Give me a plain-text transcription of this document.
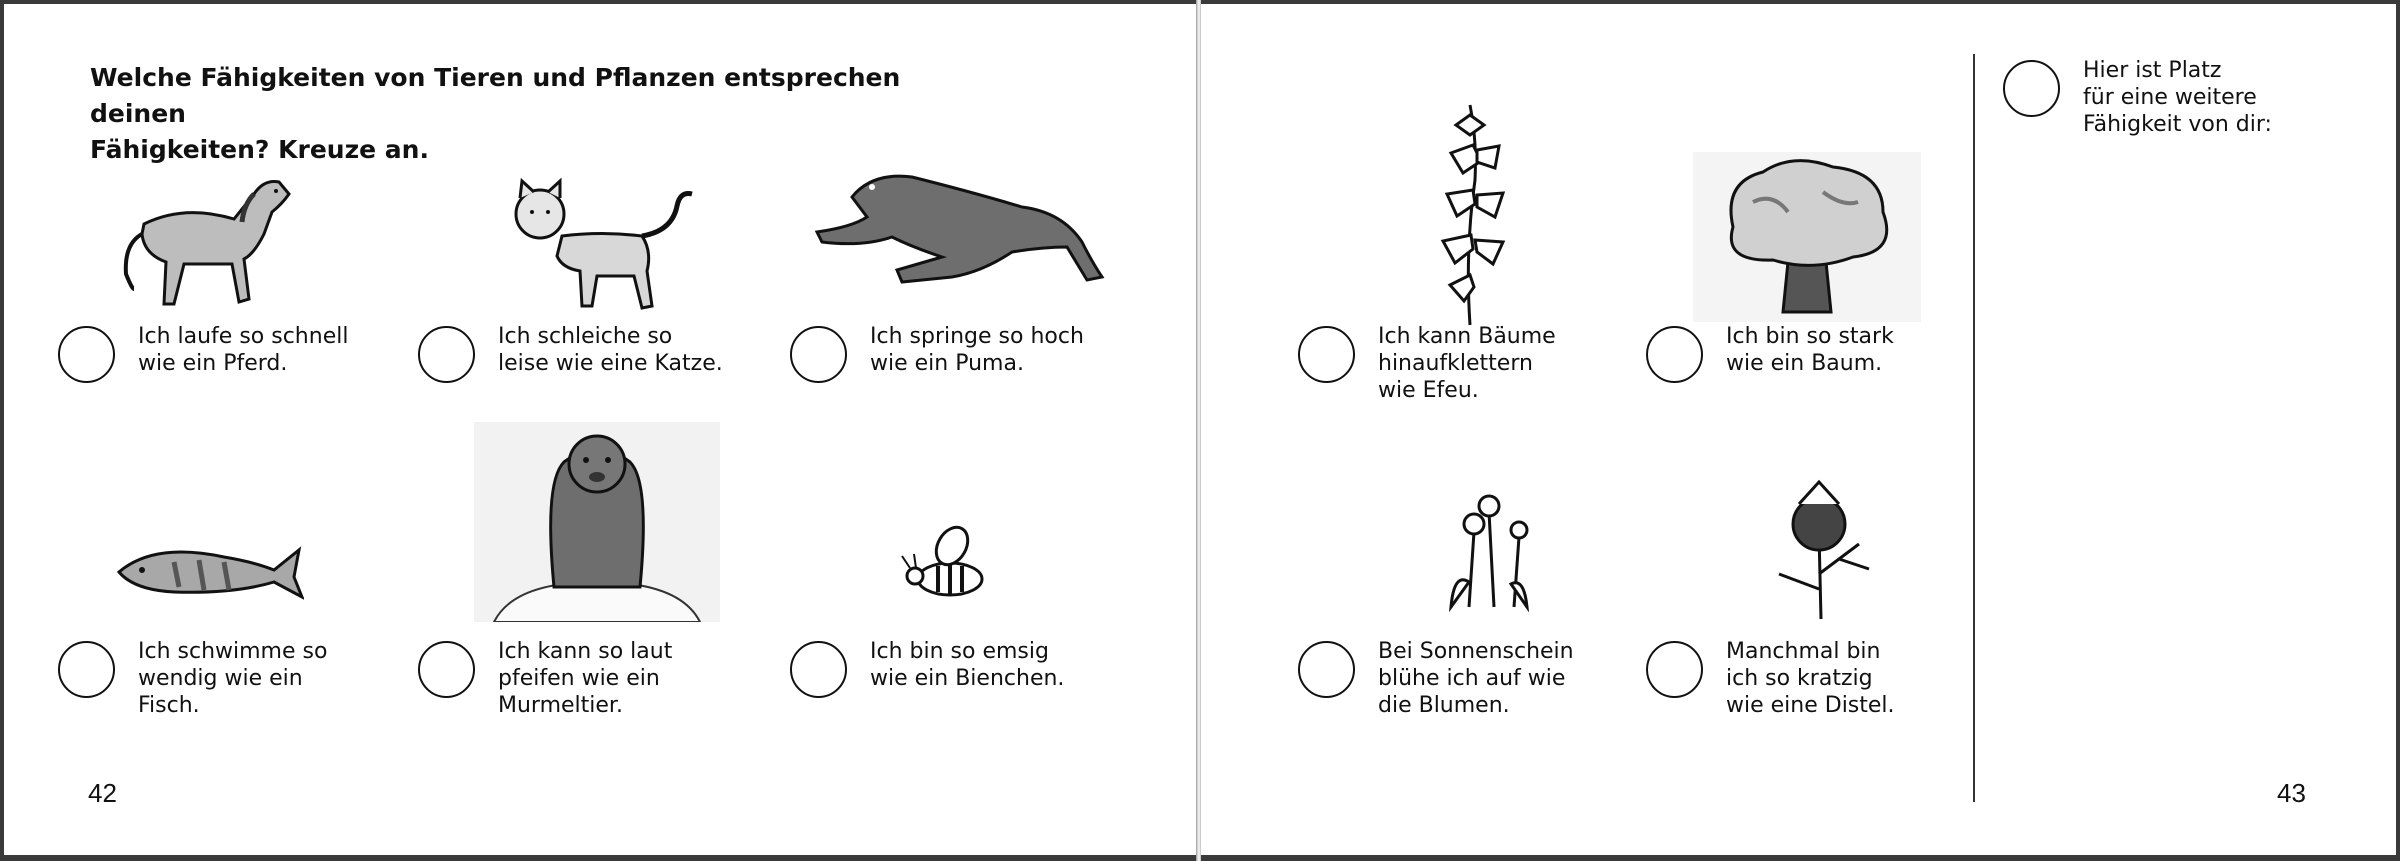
Welche Fähigkeiten von Tieren und Pflanzen entsprechen deinen
Fähigkeiten? Kreuze an.
Ich laufe so schnell
wie ein Pferd.
Ich schleiche so
leise wie eine Katze.
Ich springe so hoch
wie ein Puma.
Ich schwimme so
wendig wie ein
Fisch.
Ich kann so laut
pfeifen wie ein
Murmeltier.
Ich bin so emsig
wie ein Bienchen.
42
Ich kann Bäume
hinaufklettern
wie Efeu.
Ich bin so stark
wie ein Baum.
Bei Sonnenschein
blühe ich auf wie
die Blumen.
Manchmal bin
ich so kratzig
wie eine Distel.
Hier ist Platz
für eine weitere
Fähigkeit von dir:
43
